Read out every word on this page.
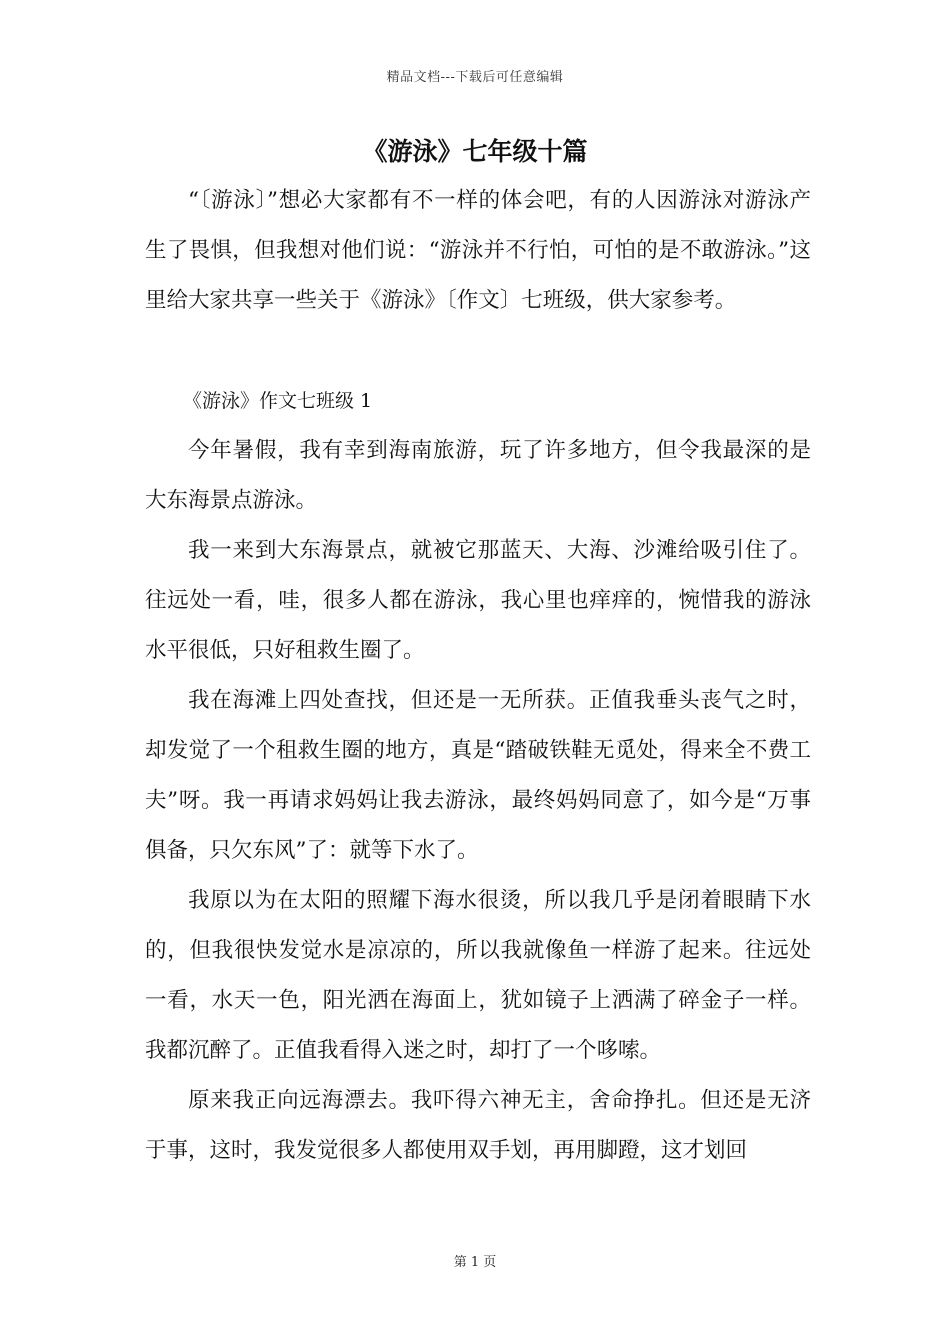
精品文档---下载后可任意编辑
《游泳》七年级十篇

“〔游泳〕”想必大家都有不一样的体会吧，有的人因游泳对游泳产生了畏惧，但我想对他们说：“游泳并不行怕，可怕的是不敢游泳。”这里给大家共享一些关于《游泳》〔作文〕七班级，供大家参考。

《游泳》作文七班级 1

今年暑假，我有幸到海南旅游，玩了许多地方，但令我最深的是大东海景点游泳。

我一来到大东海景点，就被它那蓝天、大海、沙滩给吸引住了。往远处一看，哇，很多人都在游泳，我心里也痒痒的，惋惜我的游泳水平很低，只好租救生圈了。

我在海滩上四处查找，但还是一无所获。正值我垂头丧气之时，却发觉了一个租救生圈的地方，真是“踏破铁鞋无觅处，得来全不费工夫”呀。我一再请求妈妈让我去游泳，最终妈妈同意了，如今是“万事俱备，只欠东风”了：就等下水了。

我原以为在太阳的照耀下海水很烫，所以我几乎是闭着眼睛下水的，但我很快发觉水是凉凉的，所以我就像鱼一样游了起来。往远处一看，水天一色，阳光洒在海面上，犹如镜子上洒满了碎金子一样。我都沉醉了。正值我看得入迷之时，却打了一个哆嗦。

原来我正向远海漂去。我吓得六神无主，舍命挣扎。但还是无济于事，这时，我发觉很多人都使用双手划，再用脚蹬，这才划回

第 1 页
